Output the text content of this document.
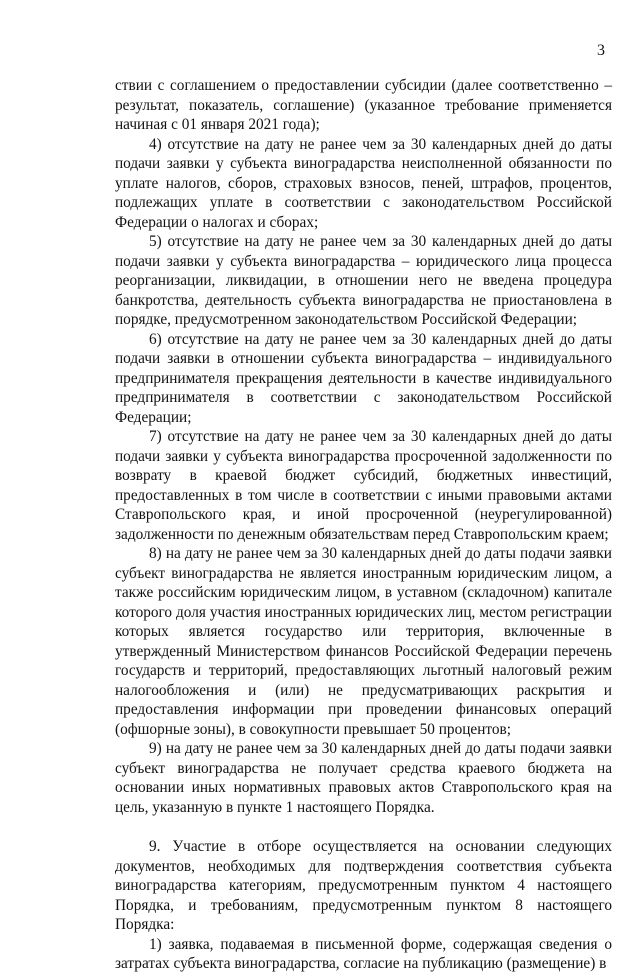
3

ствии с соглашением о предоставлении субсидии (далее соответственно – результат, показатель, соглашение) (указанное требование применяется начиная с 01 января 2021 года);

4) отсутствие на дату не ранее чем за 30 календарных дней до даты подачи заявки у субъекта виноградарства неисполненной обязанности по уплате налогов, сборов, страховых взносов, пеней, штрафов, процентов, подлежащих уплате в соответствии с законодательством Российской Федерации о налогах и сборах;

5) отсутствие на дату не ранее чем за 30 календарных дней до даты подачи заявки у субъекта виноградарства – юридического лица процесса реорганизации, ликвидации, в отношении него не введена процедура банкротства, деятельность субъекта виноградарства не приостановлена в порядке, предусмотренном законодательством Российской Федерации;

6) отсутствие на дату не ранее чем за 30 календарных дней до даты подачи заявки в отношении субъекта виноградарства – индивидуального предпринимателя прекращения деятельности в качестве индивидуального предпринимателя в соответствии с законодательством Российской Федерации;

7) отсутствие на дату не ранее чем за 30 календарных дней до даты подачи заявки у субъекта виноградарства просроченной задолженности по возврату в краевой бюджет субсидий, бюджетных инвестиций, предоставленных в том числе в соответствии с иными правовыми актами Ставропольского края, и иной просроченной (неурегулированной) задолженности по денежным обязательствам перед Ставропольским краем;

8) на дату не ранее чем за 30 календарных дней до даты подачи заявки субъект виноградарства не является иностранным юридическим лицом, а также российским юридическим лицом, в уставном (складочном) капитале которого доля участия иностранных юридических лиц, местом регистрации которых является государство или территория, включенные в утвержденный Министерством финансов Российской Федерации перечень государств и территорий, предоставляющих льготный налоговый режим налогообложения и (или) не предусматривающих раскрытия и предоставления информации при проведении финансовых операций (офшорные зоны), в совокупности превышает 50 процентов;

9) на дату не ранее чем за 30 календарных дней до даты подачи заявки субъект виноградарства не получает средства краевого бюджета на основании иных нормативных правовых актов Ставропольского края на цель, указанную в пункте 1 настоящего Порядка.

9. Участие в отборе осуществляется на основании следующих документов, необходимых для подтверждения соответствия субъекта виноградарства категориям, предусмотренным пунктом 4 настоящего Порядка, и требованиям, предусмотренным пунктом 8 настоящего Порядка:

1) заявка, подаваемая в письменной форме, содержащая сведения о затратах субъекта виноградарства, согласие на публикацию (размещение) в
